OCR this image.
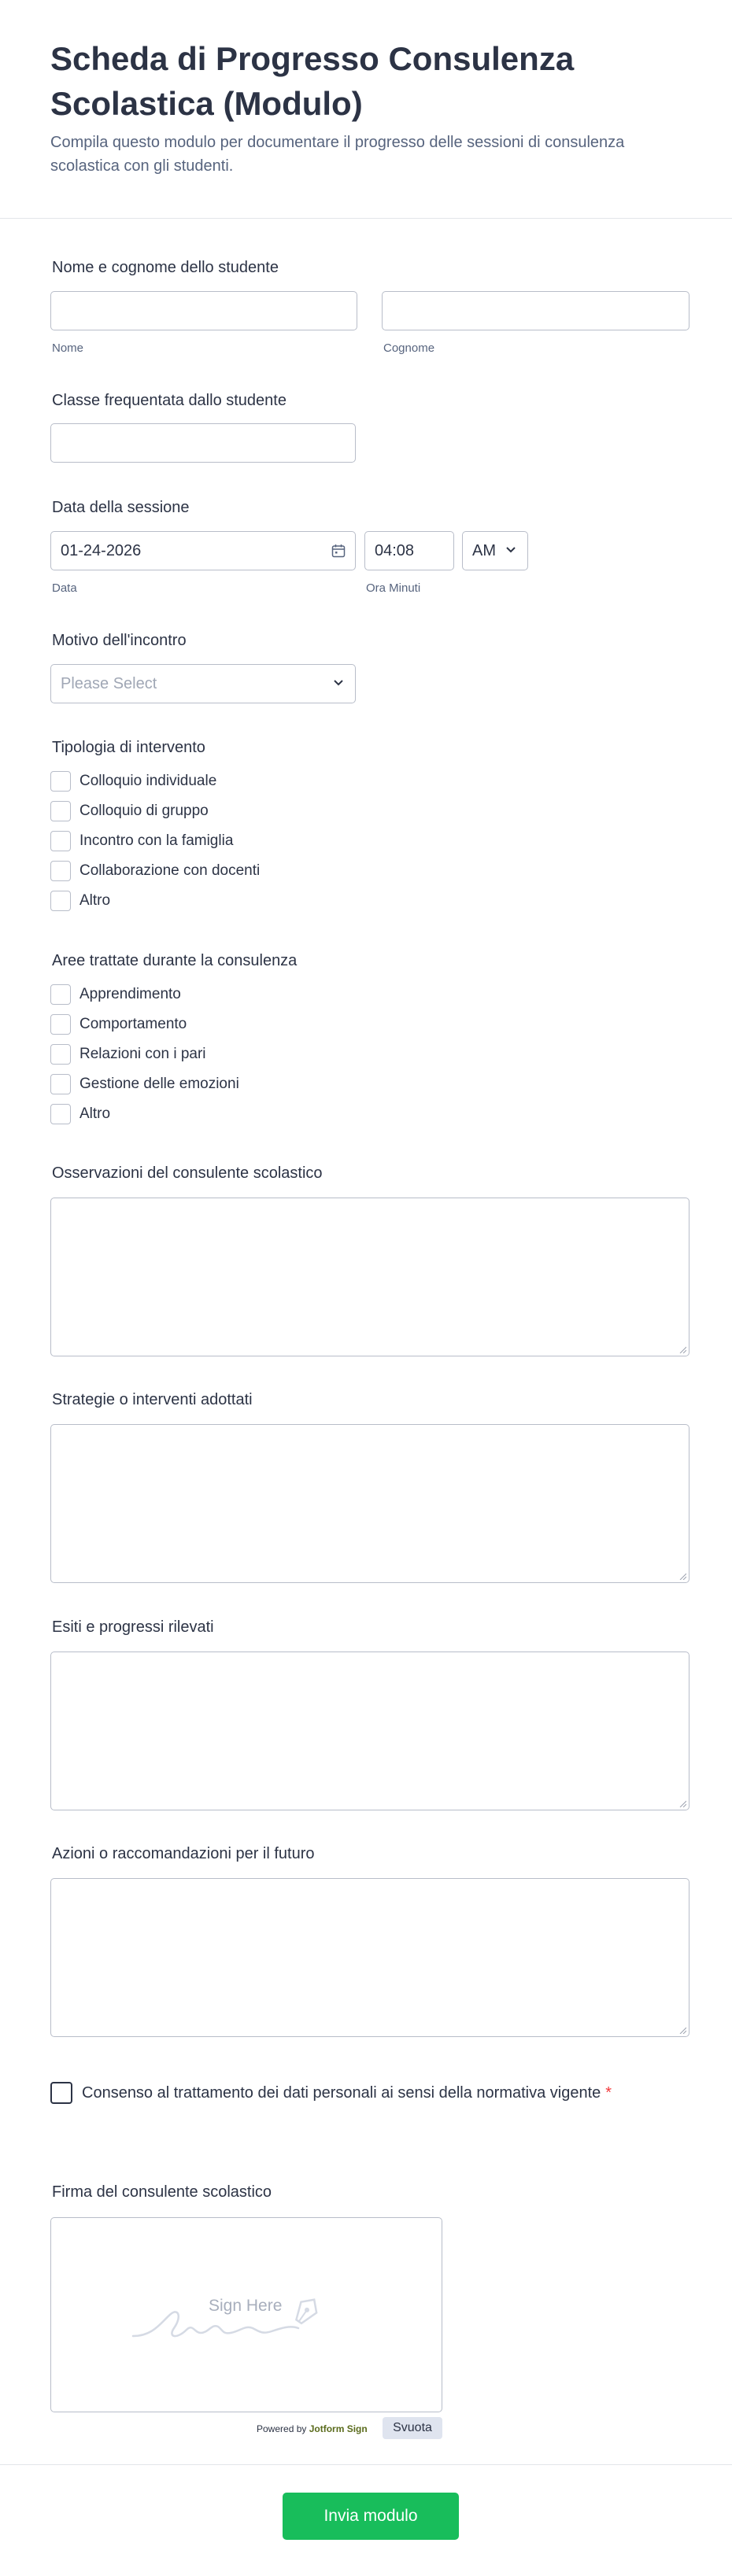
Scheda di Progresso Consulenza Scolastica (Modulo)
Compila questo modulo per documentare il progresso delle sessioni di consulenza scolastica con gli studenti.
Nome e cognome dello studente
Nome	Cognome
Classe frequentata dallo studente
Data della sessione
01-24-2026
Data
04:08
Ora Minuti
AM
Motivo dell'incontro
Please Select
Tipologia di intervento
Colloquio individuale
Colloquio di gruppo
Incontro con la famiglia
Collaborazione con docenti
Altro
Aree trattate durante la consulenza
Apprendimento
Comportamento
Relazioni con i pari
Gestione delle emozioni
Altro
Osservazioni del consulente scolastico
Strategie o interventi adottati
Esiti e progressi rilevati
Azioni o raccomandazioni per il futuro
Consenso al trattamento dei dati personali ai sensi della normativa vigente *
Firma del consulente scolastico
Sign Here
Powered by Jotform Sign	Svuota
Invia modulo
